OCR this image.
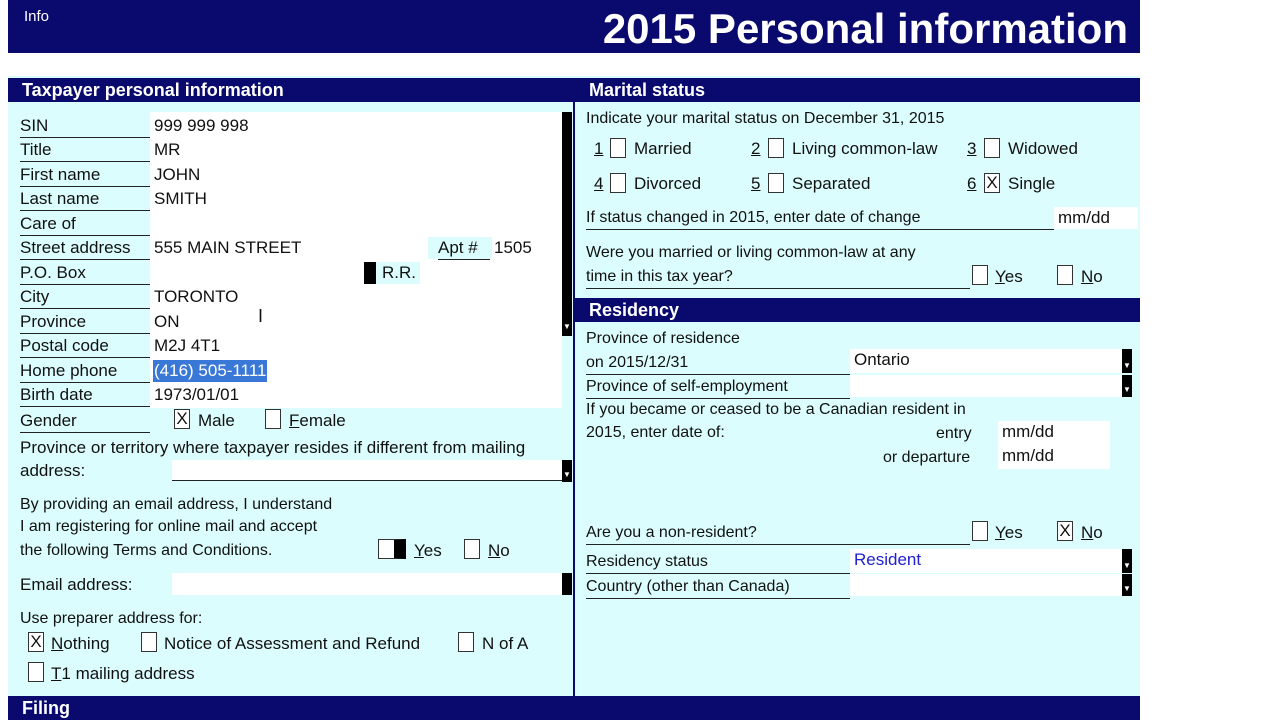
Info	2015 Personal information
Taxpayer personal information	Marital status
Residency
Filing
▼
SIN	999 999 998
Title	MR
First name	JOHN
Last name	SMITH
Care of
Street address	555 MAIN STREET	Apt # 1505
P.O. Box	R.R.
City	TORONTO
I
Province	ON
Postal code	M2J 4T1
Home phone	(416) 505-1111
Birth date	1973/01/01
Gender	X Male	Female
Province or territory where taxpayer resides if different from mailing
address:	▼
By providing an email address, I understand
I am registering for online mail and accept
the following Terms and Conditions.	Yes	No
Email address:
Use preparer address for:
X Nothing	Notice of Assessment and Refund	N of A
T1 mailing address
Indicate your marital status on December 31, 2015
1 Married	2 Living common-law 3 Widowed
4 Divorced	5 Separated	6 X Single
If status changed in 2015, enter date of change	mm/dd
Were you married or living common-law at any
time in this tax year?	Yes	No
Province of residence
on 2015/12/31	Ontario	▼
Province of self-employment	▼
If you became or ceased to be a Canadian resident in
2015, enter date of:	entry mm/dd
or departure mm/dd
Are you a non-resident?	Yes X No
Residency status	Resident	▼
Country (other than Canada)	▼
